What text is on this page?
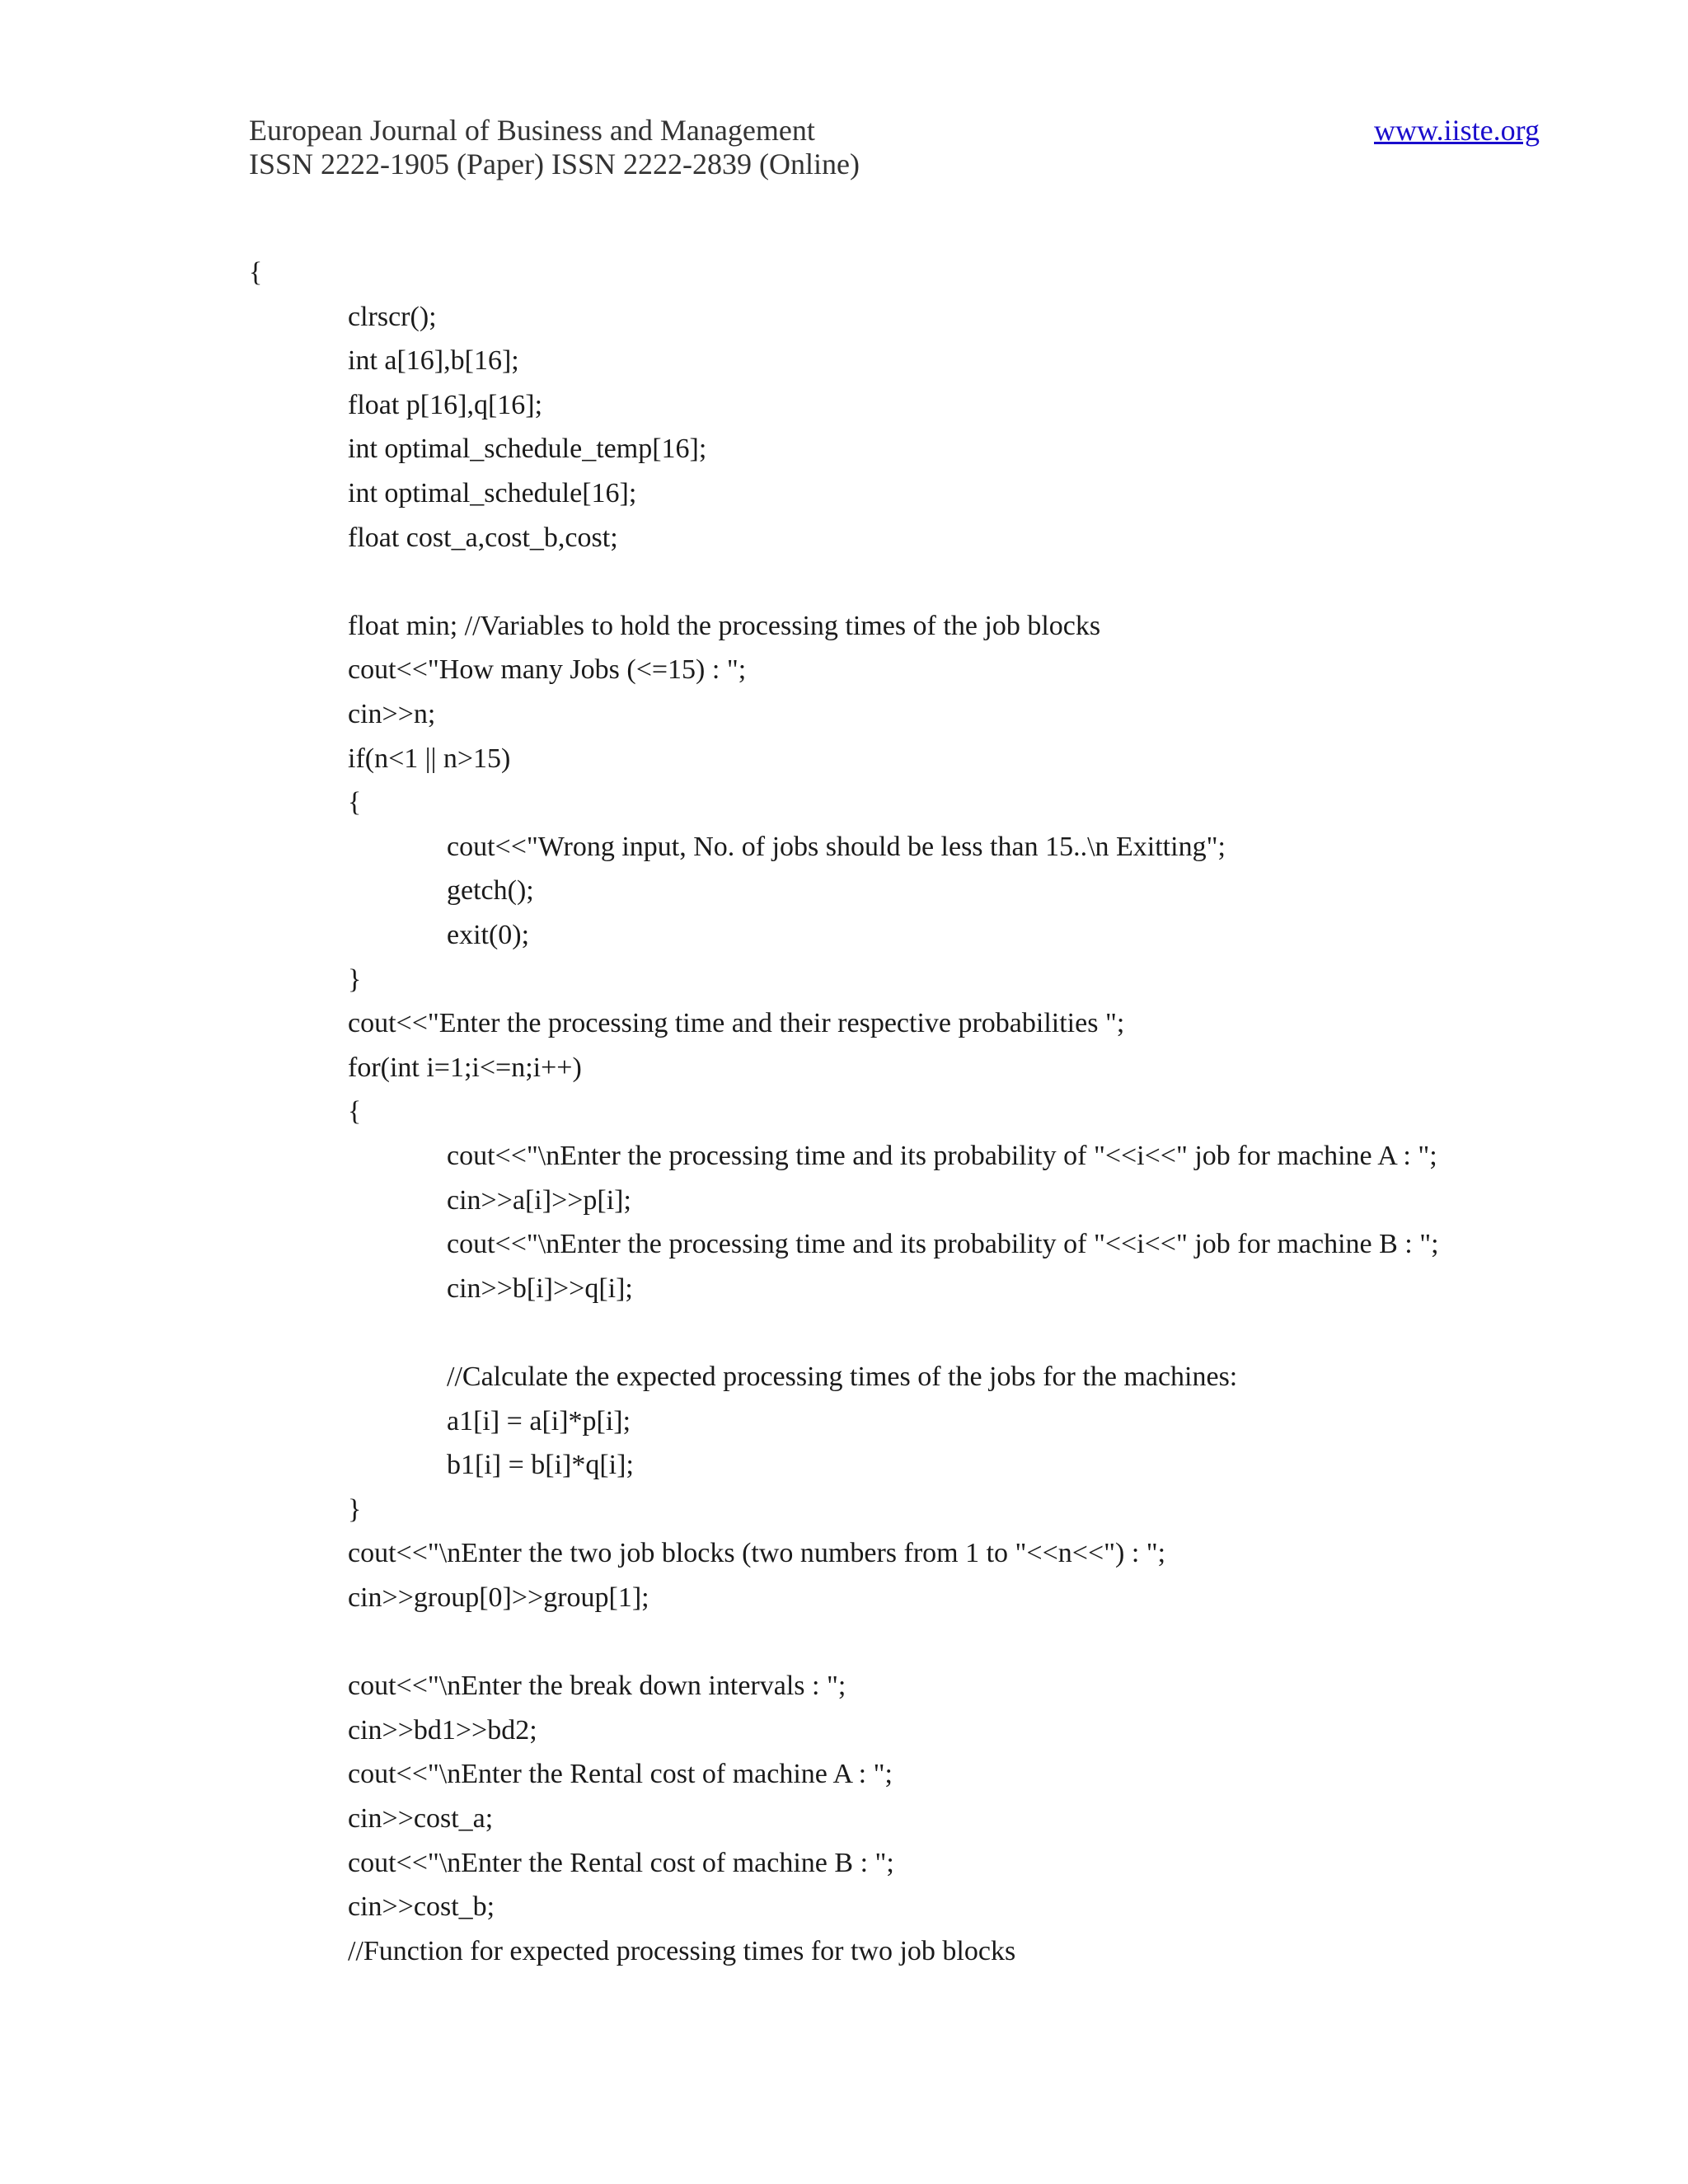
European Journal of Business and Management
ISSN 2222-1905 (Paper) ISSN 2222-2839 (Online)
www.iiste.org
{
clrscr();
int a[16],b[16];
float p[16],q[16];
int optimal_schedule_temp[16];
int optimal_schedule[16];
float cost_a,cost_b,cost;
float min; //Variables to hold the processing times of the job blocks
cout<<"How many Jobs (<=15) : ";
cin>>n;
if(n<1 || n>15)
{
cout<<"Wrong input, No. of jobs should be less than 15..\n Exitting";
getch();
exit(0);
}
cout<<"Enter the processing time and their respective probabilities ";
for(int i=1;i<=n;i++)
{
cout<<"\nEnter the processing time and its probability of "<<i<<" job for machine A : ";
cin>>a[i]>>p[i];
cout<<"\nEnter the processing time and its probability of "<<i<<" job for machine B : ";
cin>>b[i]>>q[i];
//Calculate the expected processing times of the jobs for the machines:
a1[i] = a[i]*p[i];
b1[i] = b[i]*q[i];
}
cout<<"\nEnter the two job blocks (two numbers from 1 to "<<n<<") : ";
cin>>group[0]>>group[1];
cout<<"\nEnter the break down intervals : ";
cin>>bd1>>bd2;
cout<<"\nEnter the Rental cost of machine A : ";
cin>>cost_a;
cout<<"\nEnter the Rental cost of machine B : ";
cin>>cost_b;
//Function for expected processing times for two job blocks
